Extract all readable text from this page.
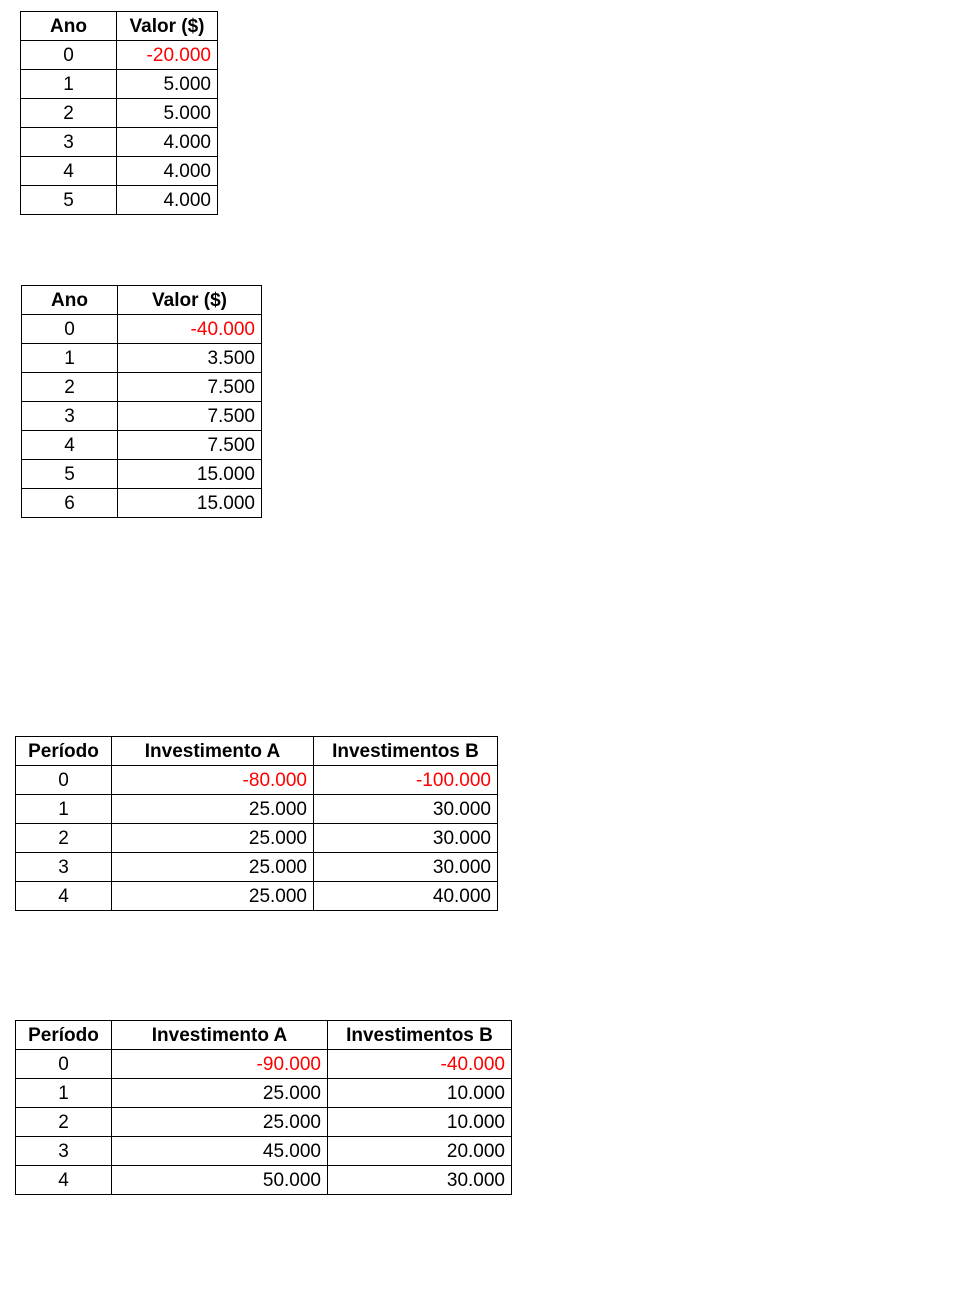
Ano	Valor ($)
0	-20.000
1	5.000
2	5.000
3	4.000
4	4.000
5	4.000
Ano	Valor ($)
0	-40.000
1	3.500
2	7.500
3	7.500
4	7.500
5	15.000
6	15.000
Período	Investimento A	Investimentos B
0	-80.000	-100.000
1	25.000	30.000
2	25.000	30.000
3	25.000	30.000
4	25.000	40.000
Período	Investimento A	Investimentos B
0	-90.000	-40.000
1	25.000	10.000
2	25.000	10.000
3	45.000	20.000
4	50.000	30.000
